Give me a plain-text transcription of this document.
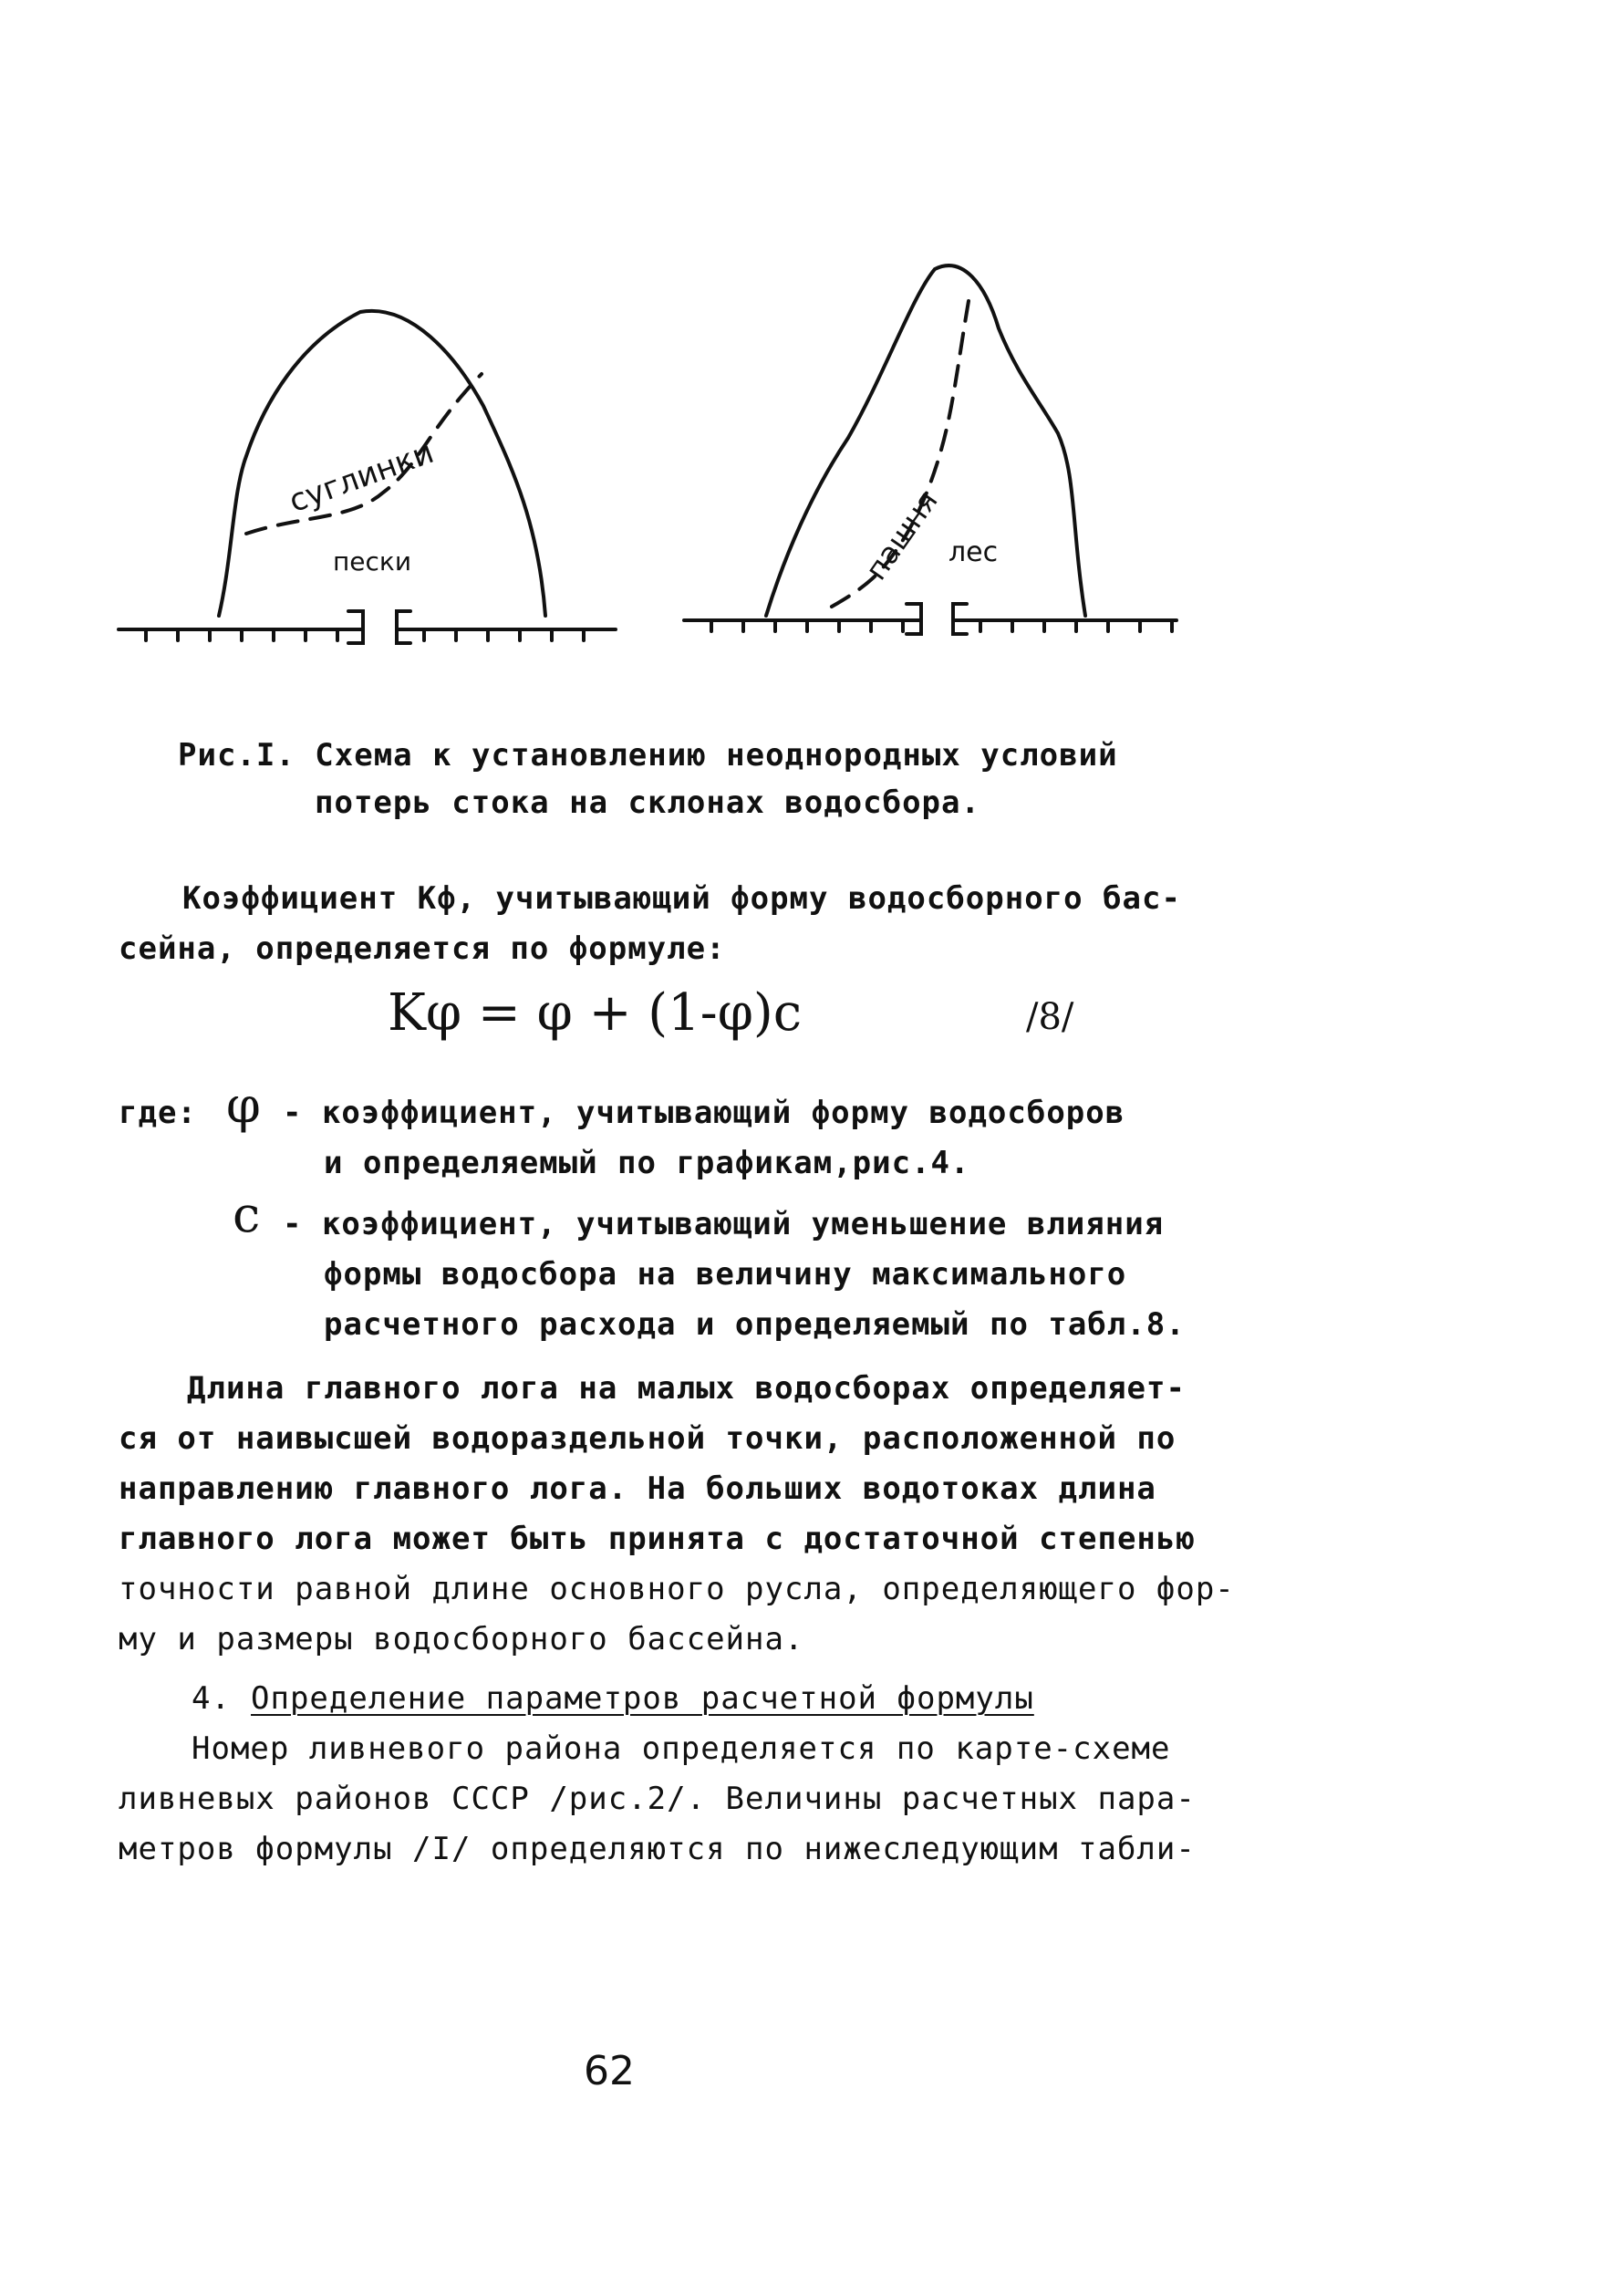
суглинки
пески	пашня лес
Рис.I. Схема к установлению неоднородных условий
потерь стока на склонах водосбора.
Коэффициент Кф, учитывающий форму водосборного бас-
сейна, определяется по формуле:
Kφ = φ + (1-φ)c	/8/
где: φ - коэффициент, учитывающий форму водосборов
и определяемый по графикам,рис.4.
c - коэффициент, учитывающий уменьшение влияния
формы водосбора на величину максимального
расчетного расхода и определяемый по табл.8.
Длина главного лога на малых водосборах определяет-
ся от наивысшей водораздельной точки, расположенной по
направлению главного лога. На больших водотоках длина
главного лога может быть принята с достаточной степенью
точности равной длине основного русла, определяющего фор-
му и размеры водосборного бассейна.
4. Определение параметров расчетной формулы
Номер ливневого района определяется по карте-схеме
ливневых районов СССР /рис.2/. Величины расчетных пара-
метров формулы /I/ определяются по нижеследующим табли-
62
